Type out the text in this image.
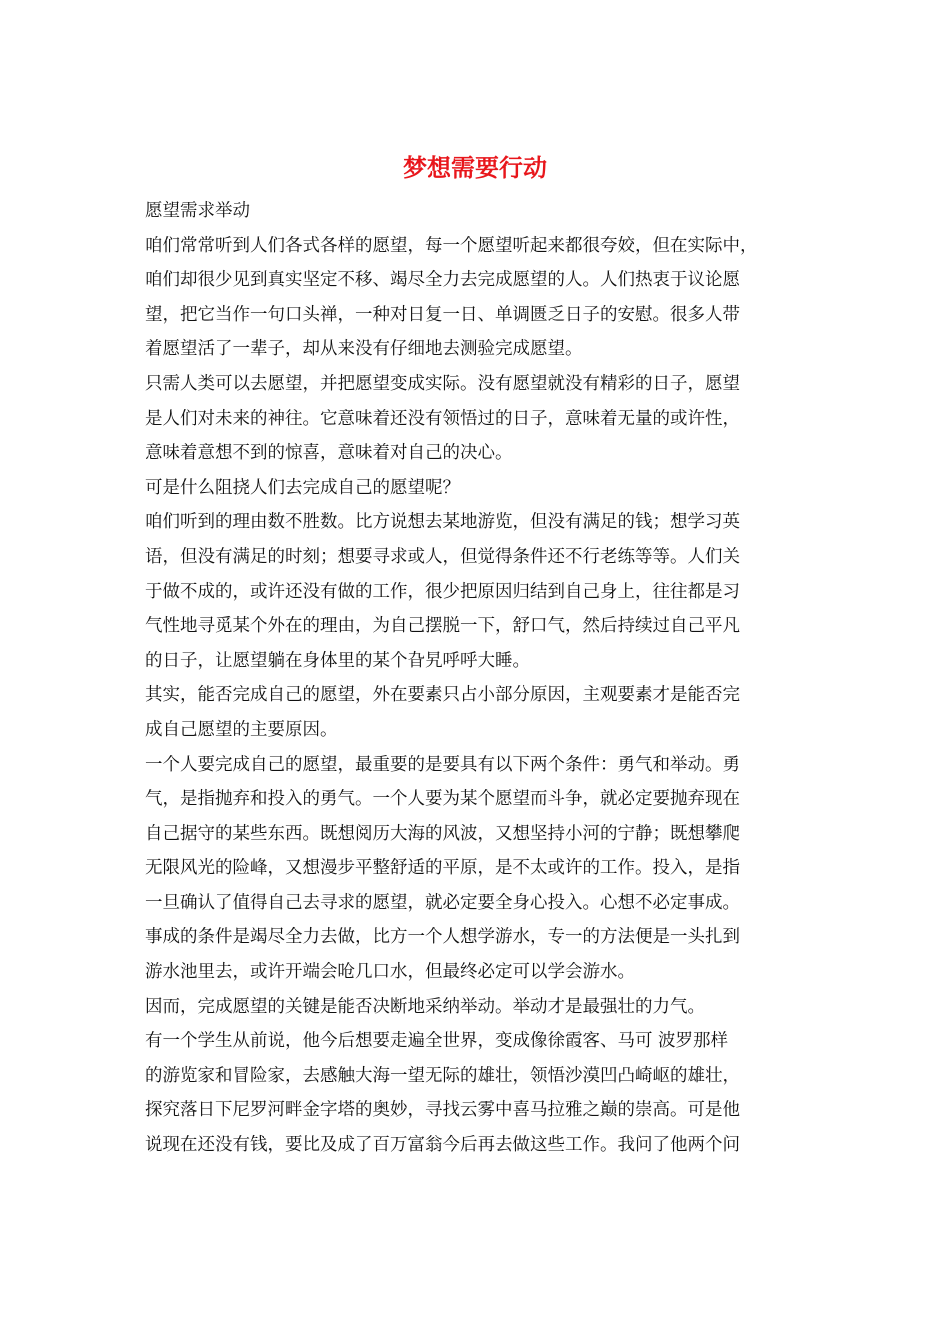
梦想需要行动
愿望需求举动
咱们常常听到人们各式各样的愿望，每一个愿望听起来都很夸姣，但在实际中，
咱们却很少见到真实坚定不移、竭尽全力去完成愿望的人。人们热衷于议论愿
望，把它当作一句口头禅，一种对日复一日、单调匮乏日子的安慰。很多人带
着愿望活了一辈子，却从来没有仔细地去测验完成愿望。
只需人类可以去愿望，并把愿望变成实际。没有愿望就没有精彩的日子，愿望
是人们对未来的神往。它意味着还没有领悟过的日子，意味着无量的或许性，
意味着意想不到的惊喜，意味着对自己的决心。
可是什么阻挠人们去完成自己的愿望呢？
咱们听到的理由数不胜数。比方说想去某地游览，但没有满足的钱；想学习英
语，但没有满足的时刻；想要寻求或人，但觉得条件还不行老练等等。人们关
于做不成的，或许还没有做的工作，很少把原因归结到自己身上，往往都是习
气性地寻觅某个外在的理由，为自己摆脱一下，舒口气，然后持续过自己平凡
的日子，让愿望躺在身体里的某个旮旯呼呼大睡。
其实，能否完成自己的愿望，外在要素只占小部分原因，主观要素才是能否完
成自己愿望的主要原因。
一个人要完成自己的愿望，最重要的是要具有以下两个条件：勇气和举动。勇
气，是指抛弃和投入的勇气。一个人要为某个愿望而斗争，就必定要抛弃现在
自己据守的某些东西。既想阅历大海的风波，又想坚持小河的宁静；既想攀爬
无限风光的险峰，又想漫步平整舒适的平原，是不太或许的工作。投入，是指
一旦确认了值得自己去寻求的愿望，就必定要全身心投入。心想不必定事成。
事成的条件是竭尽全力去做，比方一个人想学游水，专一的方法便是一头扎到
游水池里去，或许开端会呛几口水，但最终必定可以学会游水。
因而，完成愿望的关键是能否决断地采纳举动。举动才是最强壮的力气。
有一个学生从前说，他今后想要走遍全世界，变成像徐霞客、马可 波罗那样
的游览家和冒险家，去感触大海一望无际的雄壮，领悟沙漠凹凸崎岖的雄壮，
探究落日下尼罗河畔金字塔的奥妙，寻找云雾中喜马拉雅之巅的崇高。可是他
说现在还没有钱，要比及成了百万富翁今后再去做这些工作。我问了他两个问
